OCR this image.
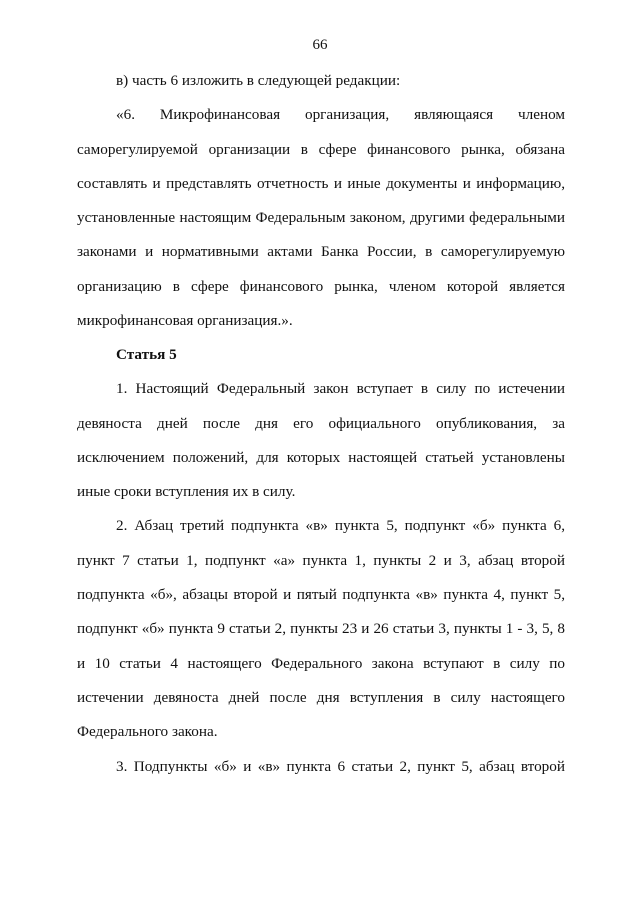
66
в) часть 6 изложить в следующей редакции:
«6. Микрофинансовая организация, являющаяся членом
саморегулируемой организации в сфере финансового рынка, обязана
составлять и представлять отчетность и иные документы и информацию,
установленные настоящим Федеральным законом, другими федеральными
законами и нормативными актами Банка России, в саморегулируемую
организацию в сфере финансового рынка, членом которой является
микрофинансовая организация.».
Статья 5
1. Настоящий Федеральный закон вступает в силу по истечении
девяноста дней после дня его официального опубликования, за
исключением положений, для которых настоящей статьей установлены
иные сроки вступления их в силу.
2. Абзац третий подпункта «в» пункта 5, подпункт «б» пункта 6,
пункт 7 статьи 1, подпункт «а» пункта 1, пункты 2 и 3, абзац второй
подпункта «б», абзацы второй и пятый подпункта «в» пункта 4, пункт 5,
подпункт «б» пункта 9 статьи 2, пункты 23 и 26 статьи 3, пункты 1 - 3, 5, 8
и 10 статьи 4 настоящего Федерального закона вступают в силу по
истечении девяноста дней после дня вступления в силу настоящего
Федерального закона.
3. Подпункты «б» и «в» пункта 6 статьи 2, пункт 5, абзац второй
